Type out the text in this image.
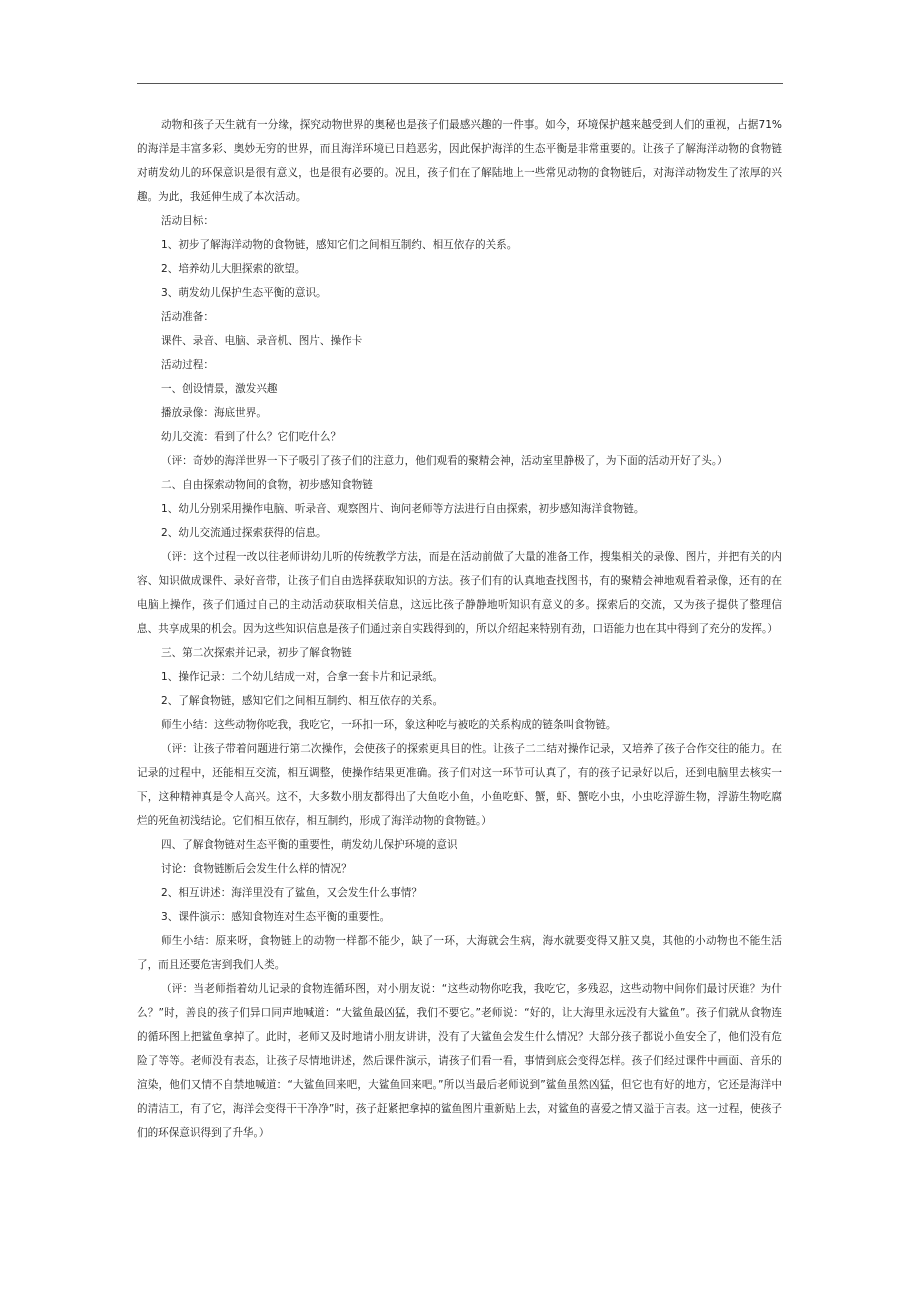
动物和孩子天生就有一分缘，探究动物世界的奥秘也是孩子们最感兴趣的一件事。如今，环境保护越来越受到人们的重视，占据71%的海洋是丰富多彩、奥妙无穷的世界，而且海洋环境已日趋恶劣，因此保护海洋的生态平衡是非常重要的。让孩子了解海洋动物的食物链对萌发幼儿的环保意识是很有意义，也是很有必要的。况且，孩子们在了解陆地上一些常见动物的食物链后，对海洋动物发生了浓厚的兴趣。为此，我延伸生成了本次活动。

活动目标：

1、初步了解海洋动物的食物链，感知它们之间相互制约、相互依存的关系。

2、培养幼儿大胆探索的欲望。

3、萌发幼儿保护生态平衡的意识。

活动准备：

课件、录音、电脑、录音机、图片、操作卡

活动过程：

一、创设情景，激发兴趣

播放录像：海底世界。

幼儿交流：看到了什么？它们吃什么？

（评：奇妙的海洋世界一下子吸引了孩子们的注意力，他们观看的聚精会神，活动室里静极了，为下面的活动开好了头。）

二、自由探索动物间的食物，初步感知食物链

1、幼儿分别采用操作电脑、听录音、观察图片、询问老师等方法进行自由探索，初步感知海洋食物链。

2、幼儿交流通过探索获得的信息。

（评：这个过程一改以往老师讲幼儿听的传统教学方法，而是在活动前做了大量的准备工作，搜集相关的录像、图片，并把有关的内容、知识做成课件、录好音带，让孩子们自由选择获取知识的方法。孩子们有的认真地查找图书，有的聚精会神地观看着录像，还有的在电脑上操作，孩子们通过自己的主动活动获取相关信息，这远比孩子静静地听知识有意义的多。探索后的交流，又为孩子提供了整理信息、共享成果的机会。因为这些知识信息是孩子们通过亲自实践得到的，所以介绍起来特别有劲，口语能力也在其中得到了充分的发挥。）

三、第二次探索并记录，初步了解食物链

1、操作记录：二个幼儿结成一对，合拿一套卡片和记录纸。

2、了解食物链，感知它们之间相互制约、相互依存的关系。

师生小结：这些动物你吃我，我吃它，一环扣一环，象这种吃与被吃的关系构成的链条叫食物链。

（评：让孩子带着问题进行第二次操作，会使孩子的探索更具目的性。让孩子二二结对操作记录，又培养了孩子合作交往的能力。在记录的过程中，还能相互交流，相互调整，使操作结果更准确。孩子们对这一环节可认真了，有的孩子记录好以后，还到电脑里去核实一下，这种精神真是令人高兴。这不，大多数小朋友都得出了大鱼吃小鱼，小鱼吃虾、蟹，虾、蟹吃小虫，小虫吃浮游生物，浮游生物吃腐烂的死鱼初浅结论。它们相互依存，相互制约，形成了海洋动物的食物链。）

四、了解食物链对生态平衡的重要性，萌发幼儿保护环境的意识

讨论：食物链断后会发生什么样的情况？

2、相互讲述：海洋里没有了鲨鱼，又会发生什么事情？

3、课件演示：感知食物连对生态平衡的重要性。

师生小结：原来呀，食物链上的动物一样都不能少，缺了一环，大海就会生病，海水就要变得又脏又臭，其他的小动物也不能生活了，而且还要危害到我们人类。

（评：当老师指着幼儿记录的食物连循环图，对小朋友说：“这些动物你吃我，我吃它，多残忍，这些动物中间你们最讨厌谁？为什么？”时，善良的孩子们异口同声地喊道：“大鲨鱼最凶猛，我们不要它。”老师说：“好的，让大海里永远没有大鲨鱼”。孩子们就从食物连的循环图上把鲨鱼拿掉了。此时，老师又及时地请小朋友讲讲，没有了大鲨鱼会发生什么情况？大部分孩子都说小鱼安全了，他们没有危险了等等。老师没有表态，让孩子尽情地讲述，然后课件演示，请孩子们看一看，事情到底会变得怎样。孩子们经过课件中画面、音乐的渲染，他们又情不自禁地喊道：“大鲨鱼回来吧，大鲨鱼回来吧。”所以当最后老师说到”鲨鱼虽然凶猛，但它也有好的地方，它还是海洋中的清洁工，有了它，海洋会变得干干净净”时，孩子赶紧把拿掉的鲨鱼图片重新贴上去，对鲨鱼的喜爱之情又溢于言表。这一过程，使孩子们的环保意识得到了升华。）
